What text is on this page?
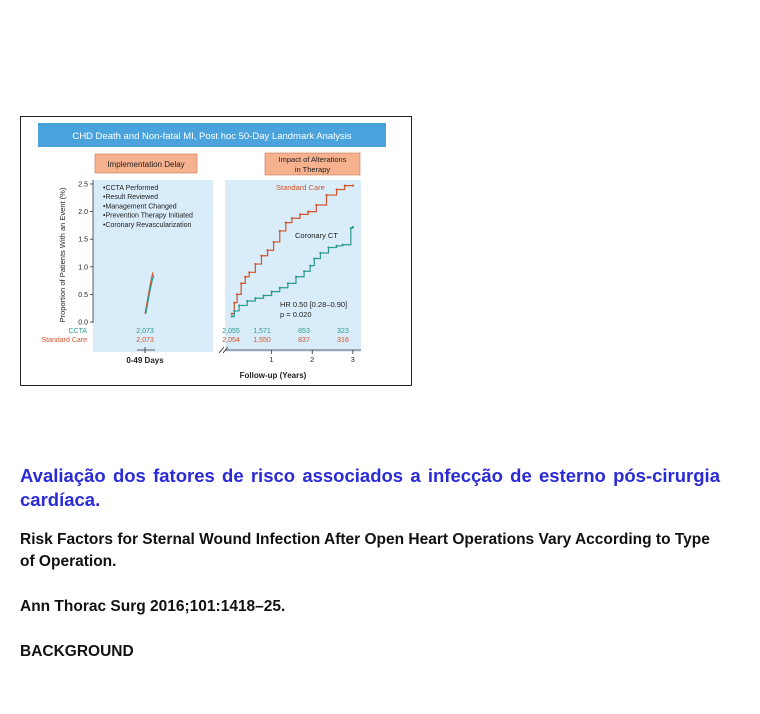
CHD Death and Non-fatal MI, Post hoc 50-Day Landmark Analysis
Implementation Delay
Impact of Alterations
in Therapy
•CCTA Performed
•Result Reviewed
•Management Changed
•Prevention Therapy Initiated
•Coronary Revascularization
0.0
0.5
1.0
1.5
2.0
2.5
Proportion of Patients With an Event (%)
Standard Care
Coronary CT
HR 0.50 [0.28–0.90]
p = 0.020
CCTA	2,073	2,055 1,571	853	323
Standard Care	2,073	2,054 1,550	837	316
1	2	3
Follow-up (Years)
0-49 Days

Avaliação dos fatores de risco associados a infecção de esterno pós-cirurgia cardíaca.

Risk Factors for Sternal Wound Infection After Open Heart Operations Vary According to Type of Operation.

Ann Thorac Surg 2016;101:1418–25.

BACKGROUND
